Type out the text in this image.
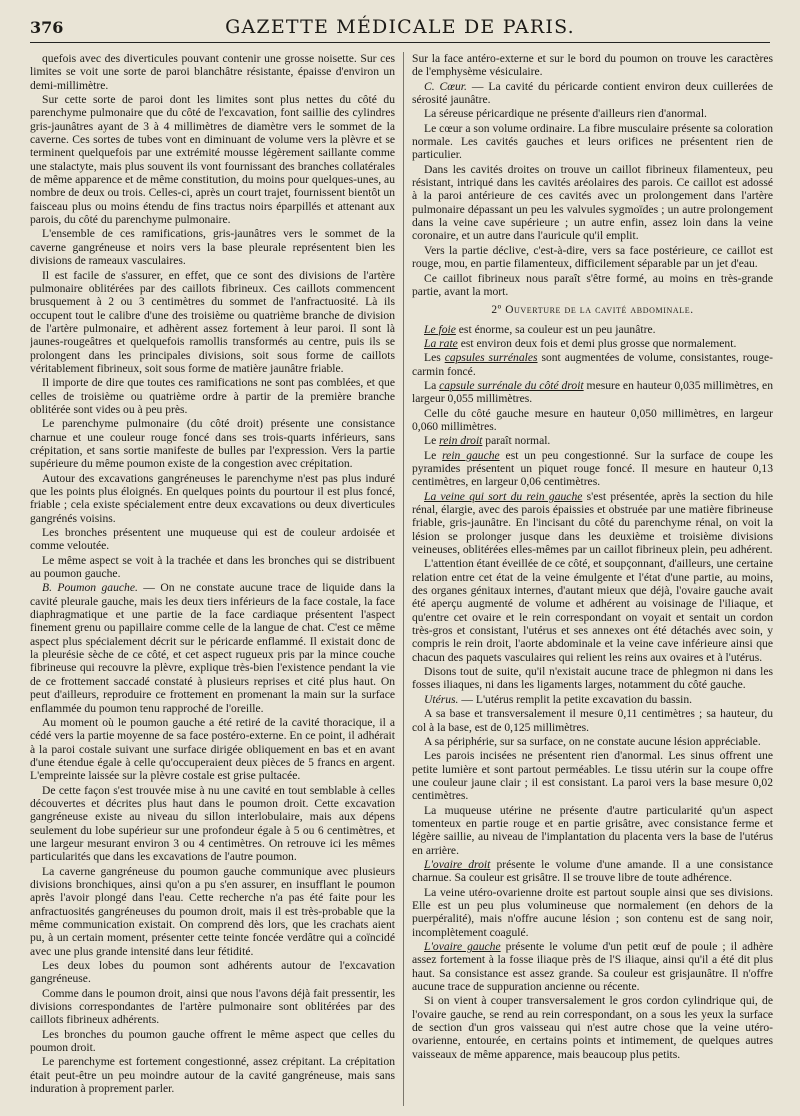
376	GAZETTE MÉDICALE DE PARIS.

quefois avec des diverticules pouvant contenir une grosse noisette. Sur ces limites se voit une sorte de paroi blanchâtre résistante, épaisse d'environ un demi-millimètre.

Sur cette sorte de paroi dont les limites sont plus nettes du côté du parenchyme pulmonaire que du côté de l'excavation, font saillie des cylindres gris-jaunâtres ayant de 3 à 4 millimètres de diamètre vers le sommet de la caverne. Ces sortes de tubes vont en diminuant de volume vers la plèvre et se terminent quelquefois par une extrémité mousse légèrement saillante comme une stalactyte, mais plus souvent ils vont fournissant des branches collatérales de même apparence et de même constitution, du moins pour quelques-unes, au nombre de deux ou trois. Celles-ci, après un court trajet, fournissent bientôt un faisceau plus ou moins étendu de fins tractus noirs éparpillés et attenant aux parois, du côté du parenchyme pulmonaire.

L'ensemble de ces ramifications, gris-jaunâtres vers le sommet de la caverne gangréneuse et noirs vers la base pleurale représentent bien les divisions de rameaux vasculaires.

Il est facile de s'assurer, en effet, que ce sont des divisions de l'artère pulmonaire oblitérées par des caillots fibrineux. Ces caillots commencent brusquement à 2 ou 3 centimètres du sommet de l'anfractuosité. Là ils occupent tout le calibre d'une des troisième ou quatrième branche de division de l'artère pulmonaire, et adhèrent assez fortement à leur paroi. Il sont là jaunes-rougeâtres et quelquefois ramollis transformés au centre, puis ils se prolongent dans les principales divisions, soit sous forme de caillots véritablement fibrineux, soit sous forme de matière jaunâtre friable.

Il importe de dire que toutes ces ramifications ne sont pas comblées, et que celles de troisième ou quatrième ordre à partir de la première branche oblitérée sont vides ou à peu près.

Le parenchyme pulmonaire (du côté droit) présente une consistance charnue et une couleur rouge foncé dans ses trois-quarts inférieurs, sans crépitation, et sans sortie manifeste de bulles par l'expression. Vers la partie supérieure du même poumon existe de la congestion avec crépitation.

Autour des excavations gangréneuses le parenchyme n'est pas plus induré que les points plus éloignés. En quelques points du pourtour il est plus foncé, friable ; cela existe spécialement entre deux excavations ou deux diverticules gangrénés voisins.

Les bronches présentent une muqueuse qui est de couleur ardoisée et comme veloutée.

Le même aspect se voit à la trachée et dans les bronches qui se distribuent au poumon gauche.

B. Poumon gauche. — On ne constate aucune trace de liquide dans la cavité pleurale gauche, mais les deux tiers inférieurs de la face costale, la face diaphragmatique et une partie de la face cardiaque présentent l'aspect finement grenu ou papillaire comme celle de la langue de chat. C'est ce même aspect plus spécialement décrit sur le péricarde enflammé. Il existait donc de la pleurésie sèche de ce côté, et cet aspect rugueux pris par la mince couche fibrineuse qui recouvre la plèvre, explique très-bien l'existence pendant la vie de ce frottement saccadé constaté à plusieurs reprises et cité plus haut. On peut d'ailleurs, reproduire ce frottement en promenant la main sur la surface enflammée du poumon tenu rapproché de l'oreille.

Au moment où le poumon gauche a été retiré de la cavité thoracique, il a cédé vers la partie moyenne de sa face postéro-externe. En ce point, il adhérait à la paroi costale suivant une surface dirigée obliquement en bas et en avant d'une étendue égale à celle qu'occuperaient deux pièces de 5 francs en argent. L'empreinte laissée sur la plèvre costale est grise pultacée.

De cette façon s'est trouvée mise à nu une cavité en tout semblable à celles découvertes et décrites plus haut dans le poumon droit. Cette excavation gangréneuse existe au niveau du sillon interlobulaire, mais aux dépens seulement du lobe supérieur sur une profondeur égale à 5 ou 6 centimètres, et une largeur mesurant environ 3 ou 4 centimètres. On retrouve ici les mêmes particularités que dans les excavations de l'autre poumon.

La caverne gangréneuse du poumon gauche communique avec plusieurs divisions bronchiques, ainsi qu'on a pu s'en assurer, en insufflant le poumon après l'avoir plongé dans l'eau. Cette recherche n'a pas été faite pour les anfractuosités gangréneuses du poumon droit, mais il est très-probable que la même communication existait. On comprend dès lors, que les crachats aient pu, à un certain moment, présenter cette teinte foncée verdâtre qui a coïncidé avec une plus grande intensité dans leur fétidité.

Les deux lobes du poumon sont adhérents autour de l'excavation gangréneuse.

Comme dans le poumon droit, ainsi que nous l'avons déjà fait pressentir, les divisions correspondantes de l'artère pulmonaire sont oblitérées par des caillots fibrineux adhérents.

Les bronches du poumon gauche offrent le même aspect que celles du poumon droit.

Le parenchyme est fortement congestionné, assez crépitant. La crépitation était peut-être un peu moindre autour de la cavité gangréneuse, mais sans induration à proprement parler.

Sur la face antéro-externe et sur le bord du poumon on trouve les caractères de l'emphysème vésiculaire.

C. Cœur. — La cavité du péricarde contient environ deux cuillerées de sérosité jaunâtre.

La séreuse péricardique ne présente d'ailleurs rien d'anormal.

Le cœur a son volume ordinaire. La fibre musculaire présente sa coloration normale. Les cavités gauches et leurs orifices ne présentent rien de particulier.

Dans les cavités droites on trouve un caillot fibrineux filamenteux, peu résistant, intriqué dans les cavités aréolaires des parois. Ce caillot est adossé à la paroi antérieure de ces cavités avec un prolongement dans l'artère pulmonaire dépassant un peu les valvules sygmoïdes ; un autre prolongement dans la veine cave supérieure ; un autre enfin, assez loin dans la veine coronaire, et un autre dans l'auricule qu'il emplit.

Vers la partie déclive, c'est-à-dire, vers sa face postérieure, ce caillot est rouge, mou, en partie filamenteux, difficilement séparable par un jet d'eau.

Ce caillot fibrineux nous paraît s'être formé, au moins en très-grande partie, avant la mort.

2º Ouverture de la cavité abdominale.

Le foie est énorme, sa couleur est un peu jaunâtre.

La rate est environ deux fois et demi plus grosse que normalement.

Les capsules surrénales sont augmentées de volume, consistantes, rouge-carmin foncé.

La capsule surrénale du côté droit mesure en hauteur 0,035 millimètres, en largeur 0,055 millimètres.

Celle du côté gauche mesure en hauteur 0,050 millimètres, en largeur 0,060 millimètres.

Le rein droit paraît normal.

Le rein gauche est un peu congestionné. Sur la surface de coupe les pyramides présentent un piquet rouge foncé. Il mesure en hauteur 0,13 centimètres, en largeur 0,06 centimètres.

La veine qui sort du rein gauche s'est présentée, après la section du hile rénal, élargie, avec des parois épaissies et obstruée par une matière fibrineuse friable, gris-jaunâtre. En l'incisant du côté du parenchyme rénal, on voit la lésion se prolonger jusque dans les deuxième et troisième divisions veineuses, oblitérées elles-mêmes par un caillot fibrineux plein, peu adhérent.

L'attention étant éveillée de ce côté, et soupçonnant, d'ailleurs, une certaine relation entre cet état de la veine émulgente et l'état d'une partie, au moins, des organes génitaux internes, d'autant mieux que déjà, l'ovaire gauche avait été aperçu augmenté de volume et adhérent au voisinage de l'iliaque, et qu'entre cet ovaire et le rein correspondant on voyait et sentait un cordon très-gros et consistant, l'utérus et ses annexes ont été détachés avec soin, y compris le rein droit, l'aorte abdominale et la veine cave inférieure ainsi que chacun des paquets vasculaires qui relient les reins aux ovaires et à l'utérus.

Disons tout de suite, qu'il n'existait aucune trace de phlegmon ni dans les fosses iliaques, ni dans les ligaments larges, notamment du côté gauche.

Utérus. — L'utérus remplit la petite excavation du bassin.

A sa base et transversalement il mesure 0,11 centimètres ; sa hauteur, du col à la base, est de 0,125 millimètres.

A sa périphérie, sur sa surface, on ne constate aucune lésion appréciable.

Les parois incisées ne présentent rien d'anormal. Les sinus offrent une petite lumière et sont partout perméables. Le tissu utérin sur la coupe offre une couleur jaune clair ; il est consistant. La paroi vers la base mesure 0,02 centimètres.

La muqueuse utérine ne présente d'autre particularité qu'un aspect tomenteux en partie rouge et en partie grisâtre, avec consistance ferme et légère saillie, au niveau de l'implantation du placenta vers la base de l'utérus en arrière.

L'ovaire droit présente le volume d'une amande. Il a une consistance charnue. Sa couleur est grisâtre. Il se trouve libre de toute adhérence.

La veine utéro-ovarienne droite est partout souple ainsi que ses divisions. Elle est un peu plus volumineuse que normalement (en dehors de la puerpéralité), mais n'offre aucune lésion ; son contenu est de sang noir, incomplètement coagulé.

L'ovaire gauche présente le volume d'un petit œuf de poule ; il adhère assez fortement à la fosse iliaque près de l'S iliaque, ainsi qu'il a été dit plus haut. Sa consistance est assez grande. Sa couleur est grisjaunâtre. Il n'offre aucune trace de suppuration ancienne ou récente.

Si on vient à couper transversalement le gros cordon cylindrique qui, de l'ovaire gauche, se rend au rein correspondant, on a sous les yeux la surface de section d'un gros vaisseau qui n'est autre chose que la veine utéro-ovarienne, entourée, en certains points et intimement, de quelques autres vaisseaux de même apparence, mais beaucoup plus petits.
